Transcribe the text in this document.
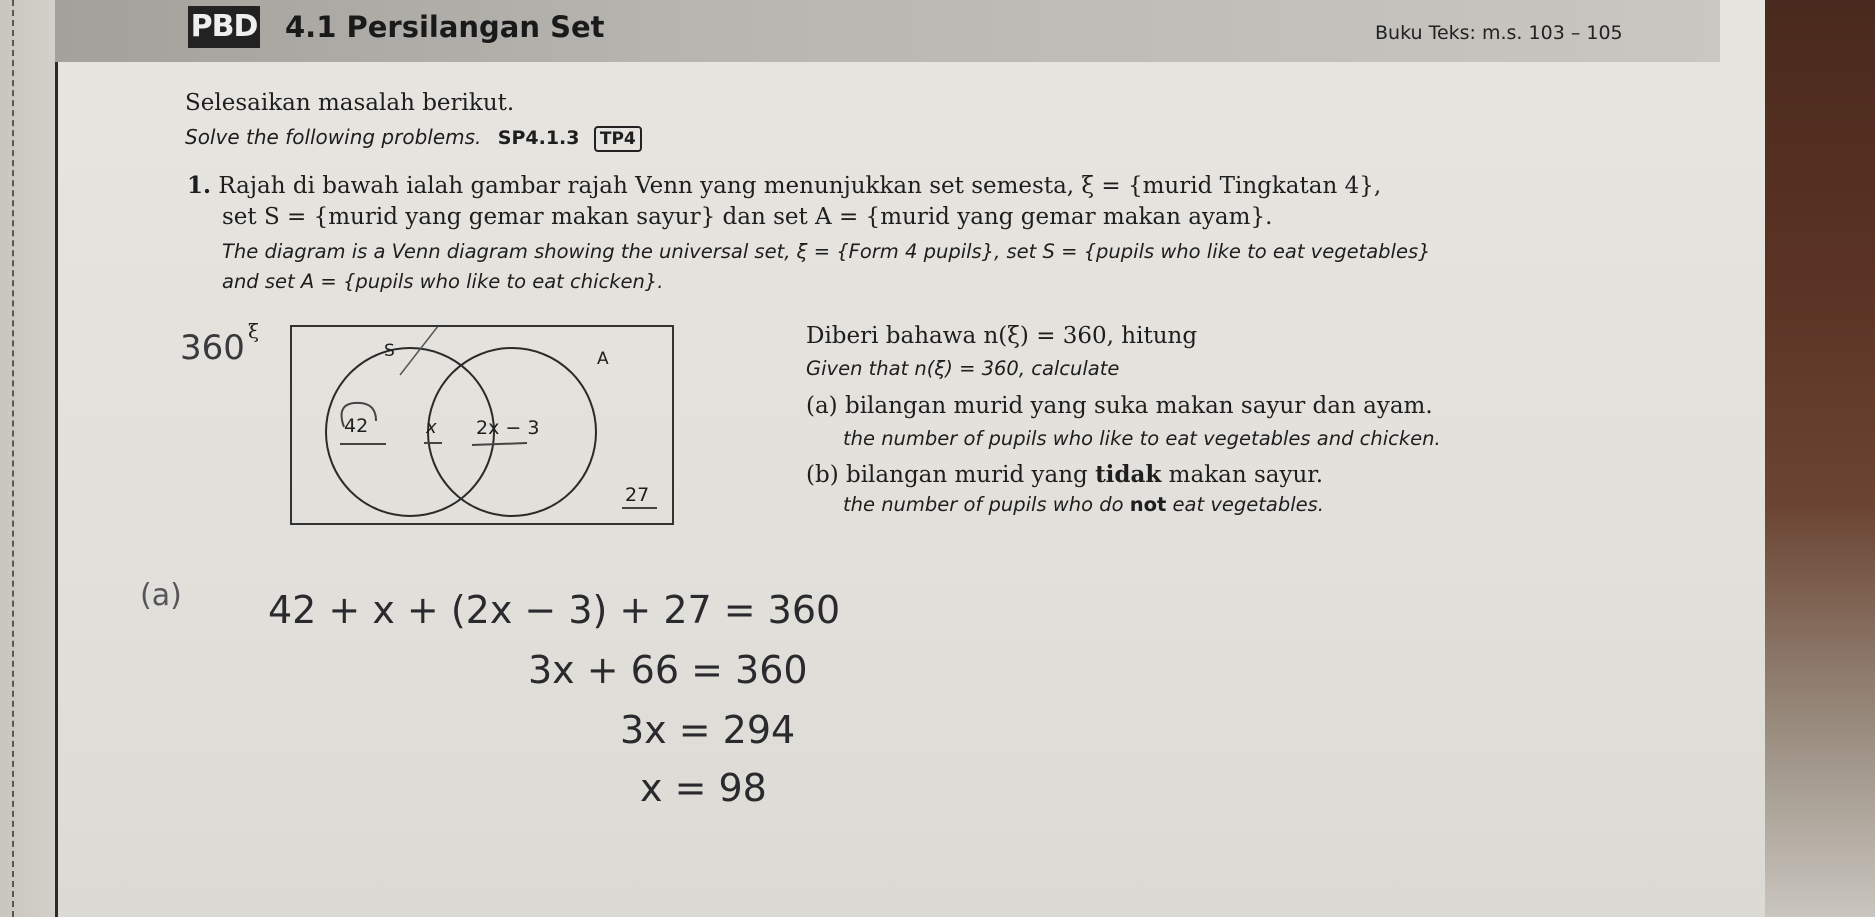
PBD 4.1 Persilangan Set	Buku Teks: m.s. 103 – 105
Selesaikan masalah berikut.
Solve the following problems. SP4.1.3 TP4
1. Rajah di bawah ialah gambar rajah Venn yang menunjukkan set semesta, ξ = {murid Tingkatan 4},
set S = {murid yang gemar makan sayur} dan set A = {murid yang gemar makan ayam}.
The diagram is a Venn diagram showing the universal set, ξ = {Form 4 pupils}, set S = {pupils who like to eat vegetables}
and set A = {pupils who like to eat chicken}.
ξ
S	A
42	x 2x − 3
27
360	Diberi bahawa n(ξ) = 360, hitung
Given that n(ξ) = 360, calculate
(a) bilangan murid yang suka makan sayur dan ayam.
the number of pupils who like to eat vegetables and chicken.
(b) bilangan murid yang tidak makan sayur.
the number of pupils who do not eat vegetables.
(a) 42 + x + (2x − 3) + 27 = 360
3x + 66 = 360
3x = 294
x = 98
